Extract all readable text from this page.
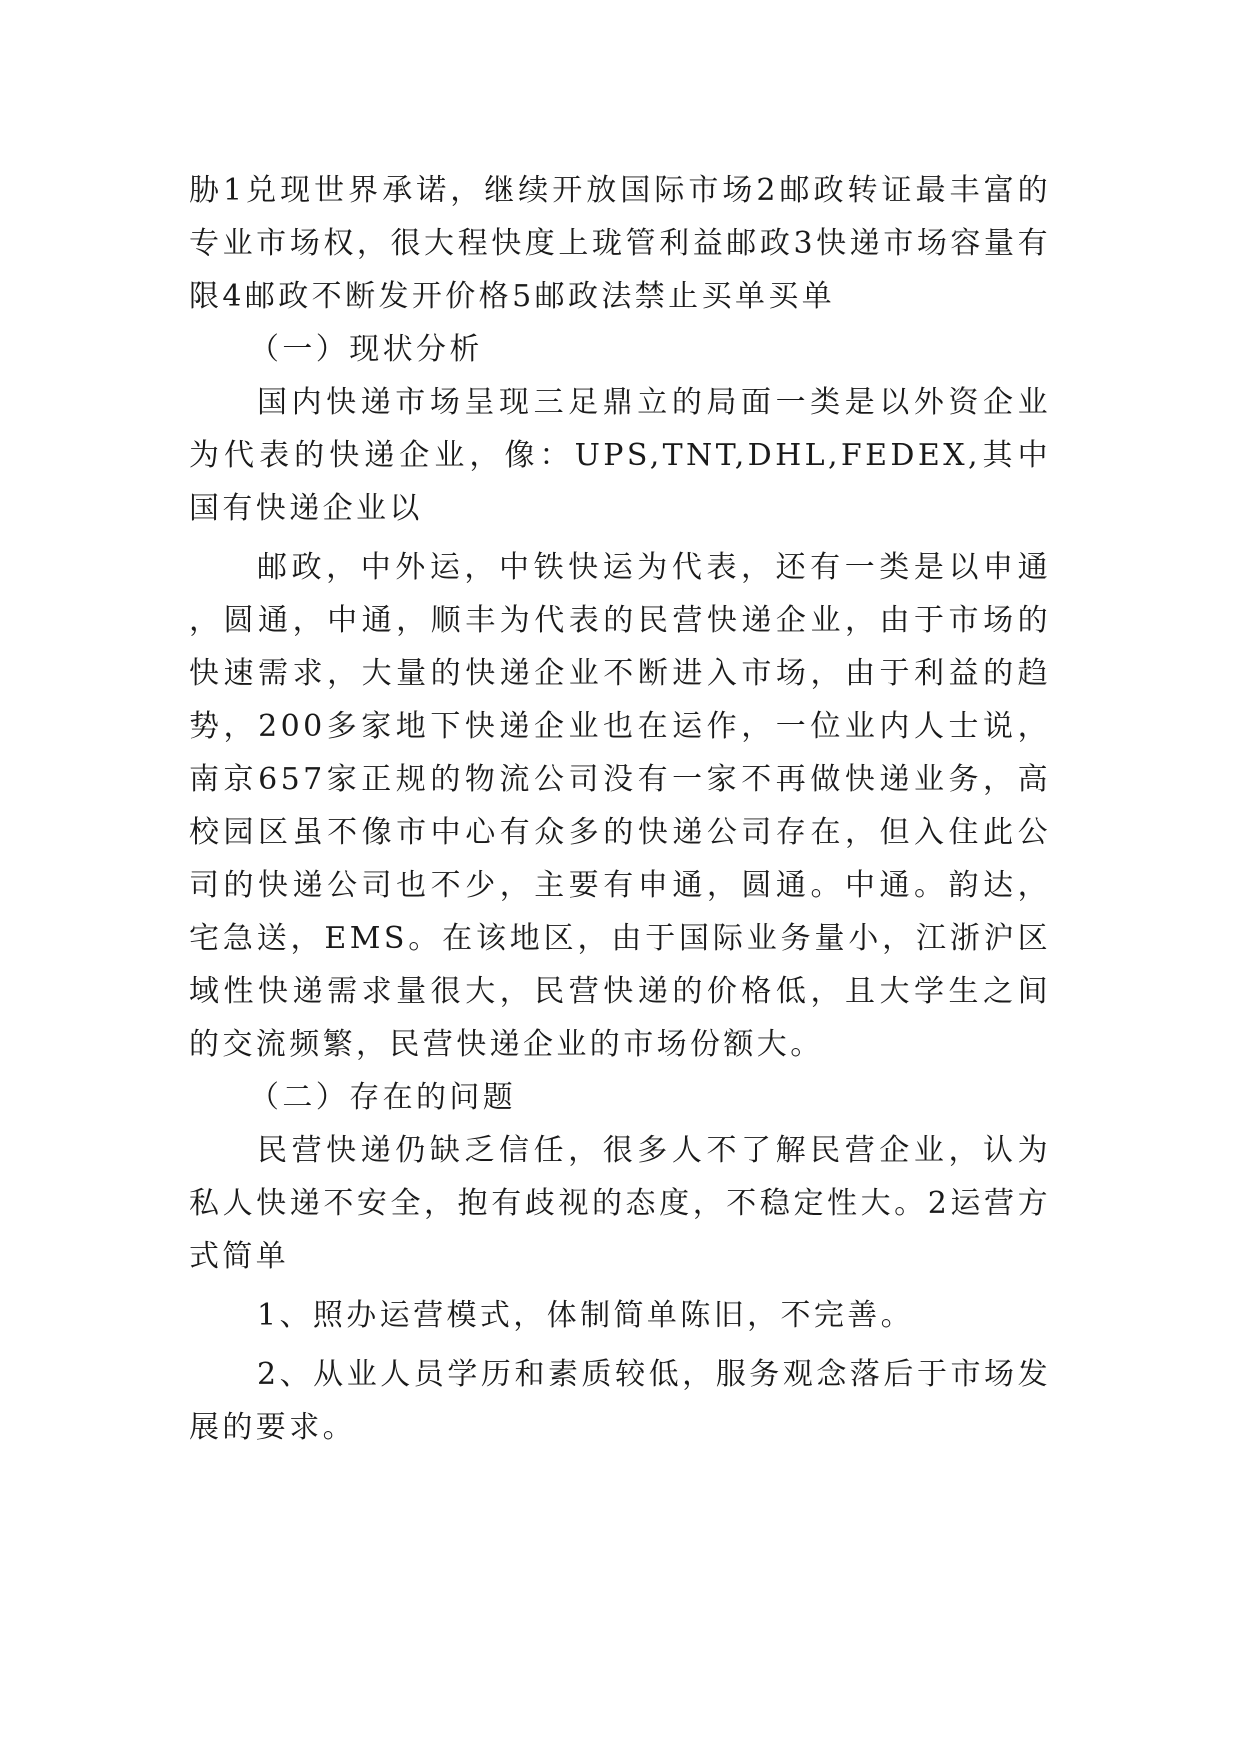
胁1兑现世界承诺，继续开放国际市场2邮政转证最丰富的专业市场权，很大程快度上珑管利益邮政3快递市场容量有限4邮政不断发开价格5邮政法禁止买单买单

（一）现状分析

国内快递市场呈现三足鼎立的局面一类是以外资企业为代表的快递企业，像：UPS,TNT,DHL,FEDEX,其中国有快递企业以

邮政，中外运，中铁快运为代表，还有一类是以申通，圆通，中通，顺丰为代表的民营快递企业，由于市场的快速需求，大量的快递企业不断进入市场，由于利益的趋势，200多家地下快递企业也在运作，一位业内人士说，南京657家正规的物流公司没有一家不再做快递业务，高校园区虽不像市中心有众多的快递公司存在，但入住此公司的快递公司也不少，主要有申通，圆通。中通。韵达，宅急送，EMS。在该地区，由于国际业务量小，江浙沪区域性快递需求量很大，民营快递的价格低，且大学生之间的交流频繁，民营快递企业的市场份额大。

（二）存在的问题

民营快递仍缺乏信任，很多人不了解民营企业，认为私人快递不安全，抱有歧视的态度，不稳定性大。2运营方式简单

1、照办运营模式，体制简单陈旧，不完善。

2、从业人员学历和素质较低，服务观念落后于市场发展的要求。
